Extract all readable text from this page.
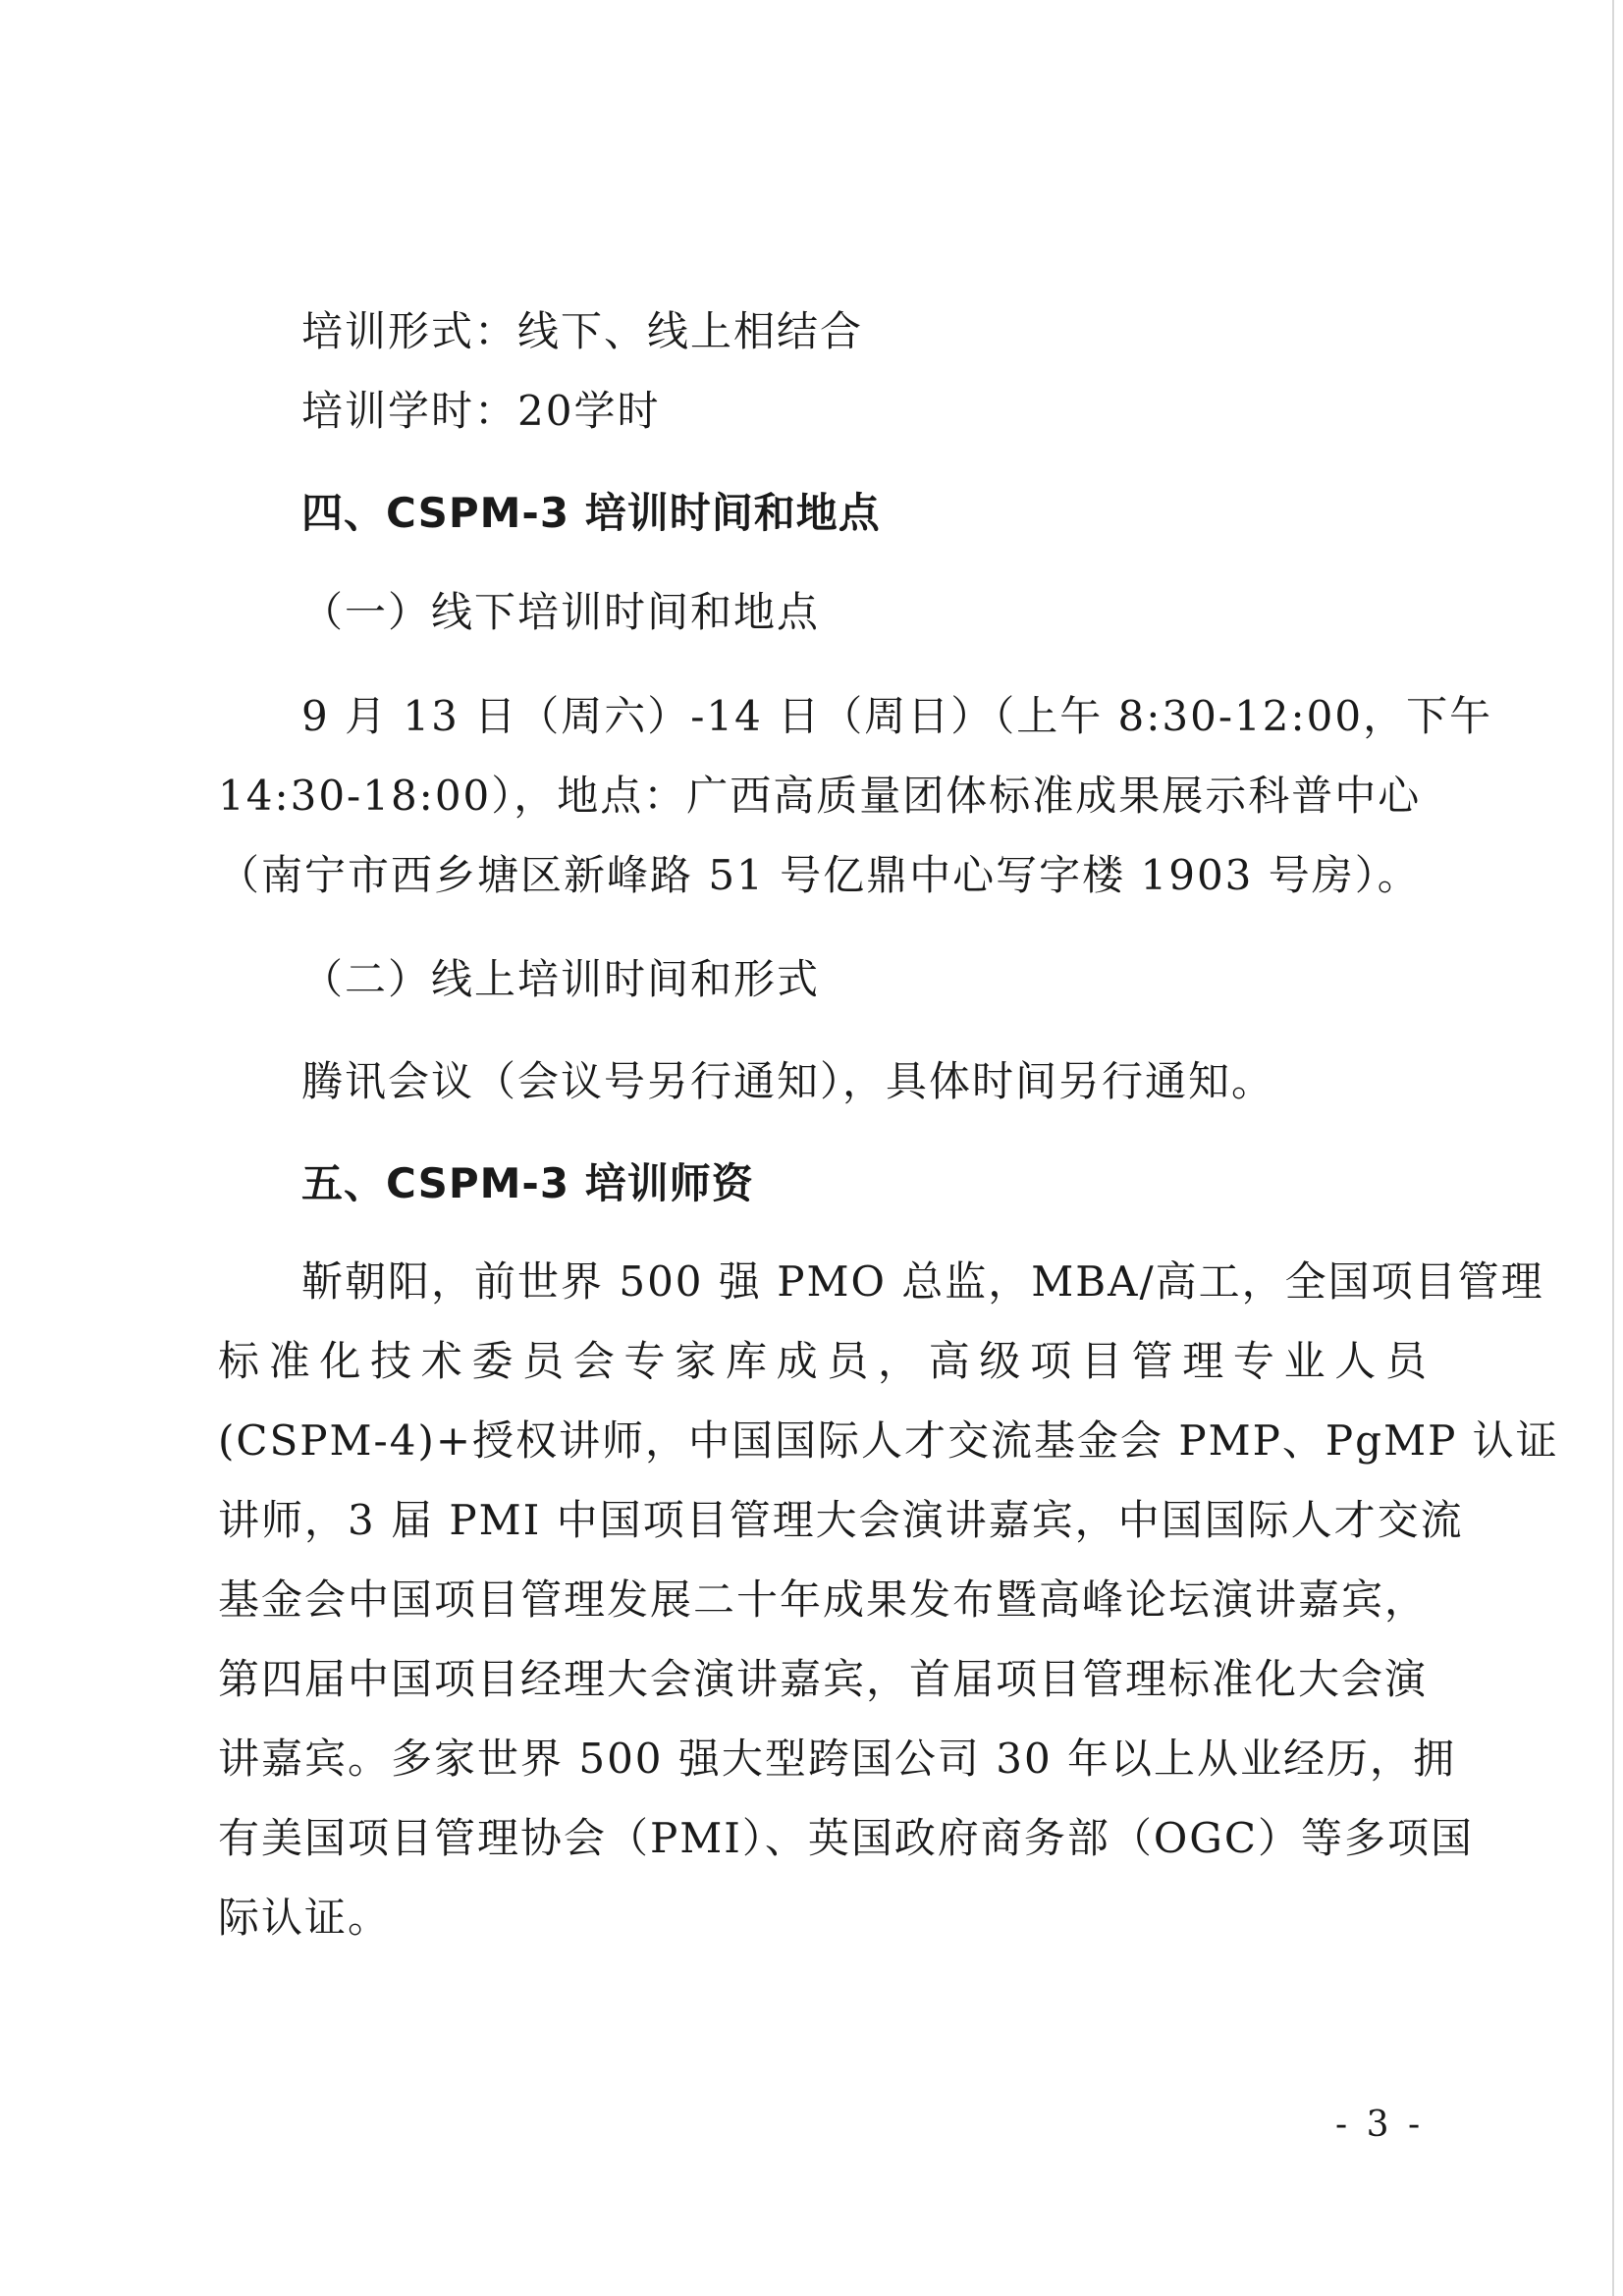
培训形式：线下、线上相结合
培训学时：20学时
四、CSPM-3 培训时间和地点
（一）线下培训时间和地点
9 月 13 日（周六）-14 日（周日）（上午 8:30-12:00，下午
14:30-18:00），地点：广西高质量团体标准成果展示科普中心
（南宁市西乡塘区新峰路 51 号亿鼎中心写字楼 1903 号房）。
（二）线上培训时间和形式
腾讯会议（会议号另行通知），具体时间另行通知。
五、CSPM-3 培训师资
靳朝阳，前世界 500 强 PMO 总监，MBA/高工，全国项目管理
标准化技术委员会专家库成员，高级项目管理专业人员
(CSPM-4)+授权讲师，中国国际人才交流基金会 PMP、PgMP 认证
讲师，3 届 PMI 中国项目管理大会演讲嘉宾，中国国际人才交流
基金会中国项目管理发展二十年成果发布暨高峰论坛演讲嘉宾，
第四届中国项目经理大会演讲嘉宾，首届项目管理标准化大会演
讲嘉宾。多家世界 500 强大型跨国公司 30 年以上从业经历，拥
有美国项目管理协会（PMI）、英国政府商务部（OGC）等多项国
际认证。
- 3 -
